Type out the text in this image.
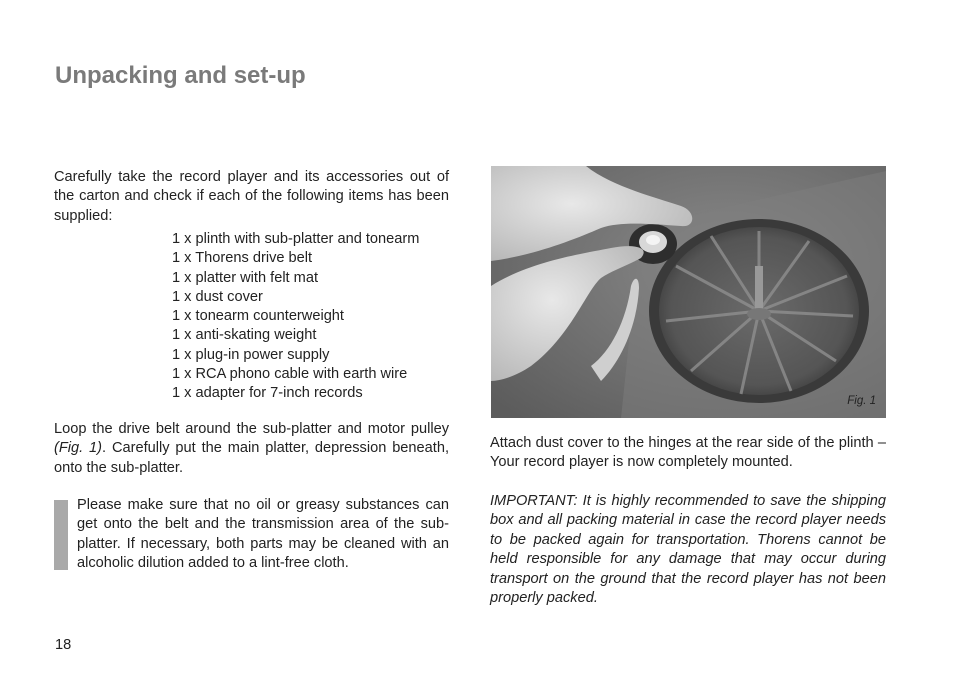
Unpacking and set-up
Carefully take the record player and its accessories out of the carton and check if each of the following items has been supplied:
1 x plinth with sub-platter and tonearm
1 x Thorens drive belt
1 x platter with felt mat
1 x dust cover
1 x tonearm counterweight
1 x anti-skating weight
1 x plug-in power supply
1 x RCA phono cable with earth wire
1 x adapter for 7-inch records
Loop the drive belt around the sub-platter and motor pulley (Fig. 1). Carefully put the main platter, depression beneath, onto the sub-platter.
Please make sure that no oil or greasy substances can get onto the belt and the transmission area of the sub-platter. If necessary, both parts may be cleaned with an alcoholic dilution added to a lint-free cloth.
Fig. 1
Attach dust cover to the hinges at the rear side of the plinth – Your record player is now completely mounted.
IMPORTANT: It is highly recommended to save the shipping box and all packing material in case the record player needs to be packed again for transportation. Thorens cannot be held responsible for any damage that may occur during transport on the ground that the record player has not been properly packed.
18
